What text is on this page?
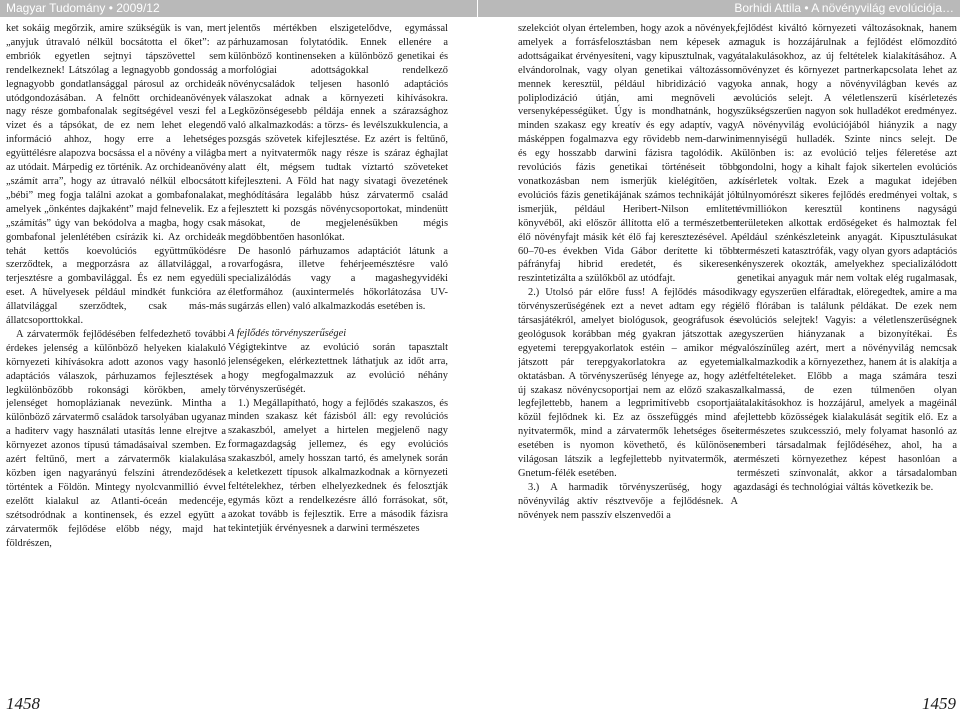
Magyar Tudomány • 2009/12	Borhidi Attila • A növényvilág evolúciója…

ket sokáig megőrzik, amire szükségük is van, mert „anyjuk útravaló nélkül bocsátotta el őket”: az embriók egyetlen sejtnyi tápszövettel sem rendelkeznek! Látszólag a legnagyobb gondosság a legnagyobb gondatlansággal párosul az orchideák utódgondozásában. A felnőtt orchideanövények nagy része gombafonalak segítségével veszi fel a vizet és a tápsókat, de ez nem lehet elegendő információ ahhoz, hogy erre a lehetséges együttélésre alapozva bocsássa el a növény a világba az utódait. Márpedig ez történik. Az orchideanövény „számít arra”, hogy az útravaló nélkül elbocsátott „bébi” meg fogja találni azokat a gombafonalakat, amelyek „önkéntes dajkaként” majd felnevelik. Ez a „számítás” úgy van bekódolva a magba, hogy csak gombafonal jelenlétében csírázik ki. Az orchideák tehát kettős koevolúciós együttműködésre szerződtek, a megporzásra az állatvilággal, a terjesztésre a gombavilággal. És ez nem egyedüli eset. A hüvelyesek például mindkét funkcióra az állatvilággal szerződtek, csak más-más állatcsoporttokkal.

A zárvatermők fejlődésében felfedezhető további érdekes jelenség a különböző helyeken kialakuló környezeti kihívásokra adott azonos vagy hasonló adaptációs válaszok, párhuzamos fejlesztések a legkülönbözőbb rokonsági körökben, amely jelenséget homoplázianak nevezünk. Mintha a különböző zárvatermő családok tarsolyában ugyanaz a haditerv vagy használati utasítás lenne elrejtve a környezet azonos típusú támadásaival szemben. Ez azért feltűnő, mert a zárvatermők kialakulása közben igen nagyarányú felszíni átrendeződések történtek a Földön. Mintegy nyolcvanmillió évvel ezelőtt kialakul az Atlanti-óceán medencéje, szétsodródnak a kontinensek, és ezzel együtt a zárvatermők fejlődése előbb négy, majd hat földrészen,

jelentős mértékben elszigetelődve, egymással párhuzamosan folytatódik. Ennek ellenére a különböző kontinenseken a különböző genetikai és morfológiai adottságokkal rendelkező növénycsaládok teljesen hasonló adaptációs válaszokat adnak a környezeti kihívásokra. Legközönségesebb példája ennek a szárazsághoz való alkalmazkodás: a törzs- és levélszukkulencia, a pozsgás szövetek kifejlesztése. Ez azért is feltűnő, mert a nyitvatermők nagy része is száraz éghajlat alatt élt, mégsem tudtak víztartó szöveteket kifejleszteni. A Föld hat nagy sivatagi övezetének meghódítására legalább húsz zárvatermő család fejlesztett ki pozsgás növénycsoportokat, mindenütt másokat, de megjelenésükben mégis megdöbbentően hasonlókat.

De hasonló párhuzamos adaptációt látunk a rovarfogásra, illetve fehérjeemésztésre való specializálódás vagy a magashegyvidéki életformához (auxintermelés hőkorlátozása UV-sugárzás ellen) való alkalmazkodás esetében is.

A fejlődés törvényszerűségei

Végigtekintve az evolúció során tapasztalt jelenségeken, elérkeztettnek láthatjuk az időt arra, hogy megfogalmazzuk az evolúció néhány törvényszerűségét.

1.) Megállapítható, hogy a fejlődés szakaszos, és minden szakasz két fázisból áll: egy revolúciós szakaszból, amelyet a hirtelen megjelenő nagy formagazdagság jellemez, és egy evolúciós szakaszból, amely hosszan tartó, és amelynek során a keletkezett típusok alkalmazkodnak a környezeti feltételekhez, térben elhelyezkednek és felosztják egymás közt a rendelkezésre álló forrásokat, sőt, azokat tovább is fejlesztik. Erre a második fázisra tekintetjük érvényesnek a darwini természetes

szelekciót olyan értelemben, hogy azok a növények, amelyek a forrásfelosztásban nem képesek az adottságaikat érvényesíteni, vagy kipusztulnak, vagy elvándorolnak, vagy olyan genetikai változásson mennek keresztül, például hibridizáció vagy poliplodizáció útján, ami megnöveli a versenyképességüket. Úgy is mondhatnánk, hogy minden szakasz egy kreatív és egy adaptív, vagy másképpen fogalmazva egy rövidebb nem-darwini és egy hosszabb darwini fázisra tagolódik. A revolúciós fázis genetikai történéseit több vonatkozásban nem ismerjük kielégítően, az evolúciós fázis genetikájának számos technikáját jól ismerjük, például Heribert-Nilson említett könyvéből, aki először állította elő a természetben élő növényfajt másik két élő faj keresztezésével. A 60–70-es években Vida Gábor derítette ki több páfrányfaj hibrid eredetét, és sikeresen reszintetizálta a szülőkből az utódfajt.

2.) Utolsó pár előre fuss! A fejlődés második törvényszerűségének ezt a nevet adtam egy régi társasjátékról, amelyet biológusok, geográfusok és geológusok korábban még gyakran játszottak az egyetemi terepgyakorlatok estéin – amikor még játszott pár terepgyakorlatokra az egyetemi oktatásban. A törvényszerűség lényege az, hogy az új szakasz növénycsoportjai nem az előző szakasz legfejlettebb, hanem a legprimitívebb csoportjai közül fejlődnek ki. Ez az összefüggés mind a nyitvatermők, mind a zárvatermők lehetséges ősei esetében is nyomon követhető, és különösen világosan látszik a legfejlettebb nyitvatermők, a Gnetum-félék esetében.

3.) A harmadik törvényszerűség, hogy a növényvilág aktív résztvevője a fejlődésnek. A növények nem passzív elszenvedői a

fejlődést kiváltó környezeti változásoknak, hanem maguk is hozzájárulnak a fejlődést előmozdító átalakulásokhoz, az új feltételek kialakításához. A növényzet és környezet partnerkapcsolata lehet az oka annak, hogy a növényvilágban kevés az evolúciós selejt. A véletlenszerű kísérletezés szükségszerűen nagyon sok hulladékot eredményez. A növényvilág evolúciójából hiányzik a nagy mennyiségű hulladék. Szinte nincs selejt. De különben is: az evolúció teljes féleretése azt gondolni, hogy a kihalt fajok sikertelen evolúciós kísérletek voltak. Ezek a magukat idejében túlnyomórészt sikeres fejlődés eredményei voltak, s évmilliókon keresztül kontinens nagyságú területeken alkottak erdőségeket és halmoztak fel például szénkészleteink anyagát. Kipusztulásukat természeti katasztrófák, vagy olyan gyors adaptációs kényszerek okozták, amelyekhez specializálódott genetikai anyaguk már nem voltak elég rugalmasak, vagy egyszerűen elfáradtak, elöregedtek, amire a ma élő flórában is találunk példákat. De ezek nem evolúciós selejtek! Vagyis: a véletlenszerűségnek egyszerűen hiányzanak a bizonyítékai. És valószínűleg azért, mert a növényvilág nemcsak alkalmazkodik a környezethez, hanem át is alakítja a létfeltételeket. Előbb a maga számára teszi alkalmassá, de ezen túlmenően olyan átalakításokhoz is hozzájárul, amelyek a magéinál fejlettebb közösségek kialakulását segítik elő. Ez a természetes szukcesszió, mely folyamat hasonló az emberi társadalmak fejlődéséhez, ahol, ha a természeti környezethez képest hasonlóan a természeti színvonalát, akkor a társadalomban gazdasági és technológiai váltás következik be.

1458	1459
